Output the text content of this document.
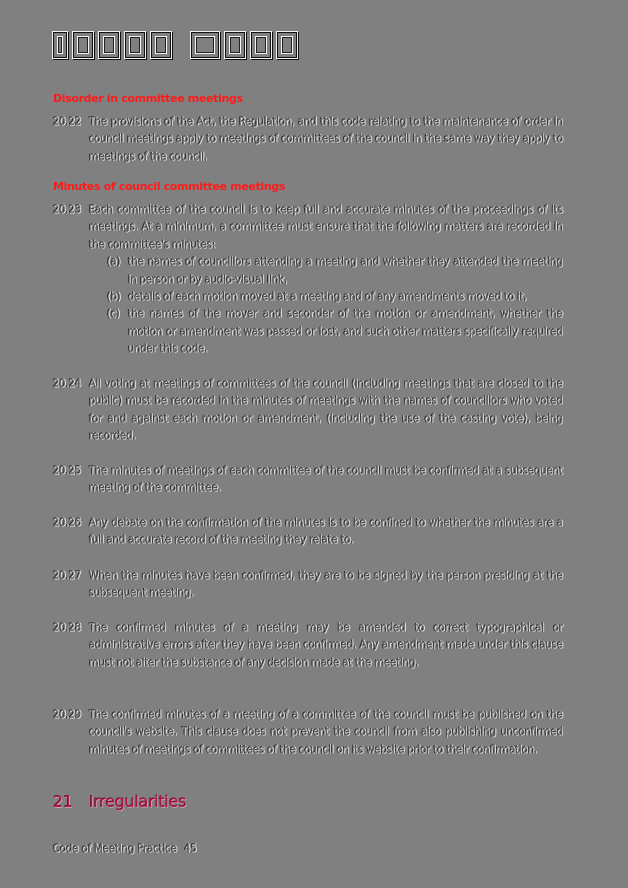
Disorder in committee meetings
20.22 The provisions of the Act, the Regulation, and this code relating to the maintenance of order in council meetings apply to meetings of committees of the council in the same way they apply to meetings of the council.
Minutes of council committee meetings
20.23 Each committee of the council is to keep full and accurate minutes of the proceedings of its meetings. At a minimum, a committee must ensure that the following matters are recorded in the committee's minutes:
(a) the names of councillors attending a meeting and whether they attended the meeting in person or by audio-visual link,
(b) details of each motion moved at a meeting and of any amendments moved to it,
(c) the names of the mover and seconder of the motion or amendment, whether the motion or amendment was passed or lost, and such other matters specifically required under this code.
20.24 All voting at meetings of committees of the council (including meetings that are closed to the public) must be recorded in the minutes of meetings with the names of councillors who voted for and against each motion or amendment, (including the use of the casting vote), being recorded.
20.25 The minutes of meetings of each committee of the council must be confirmed at a subsequent meeting of the committee.
20.26 Any debate on the confirmation of the minutes is to be confined to whether the minutes are a full and accurate record of the meeting they relate to.
20.27 When the minutes have been confirmed, they are to be signed by the person presiding at the subsequent meeting.
20.28 The confirmed minutes of a meeting may be amended to correct typographical or administrative errors after they have been confirmed. Any amendment made under this clause must not alter the substance of any decision made at the meeting.
20.29 The confirmed minutes of a meeting of a committee of the council must be published on the council's website. This clause does not prevent the council from also publishing unconfirmed minutes of meetings of committees of the council on its website prior to their confirmation.
21 Irregularities
Code of Meeting Practice 45
